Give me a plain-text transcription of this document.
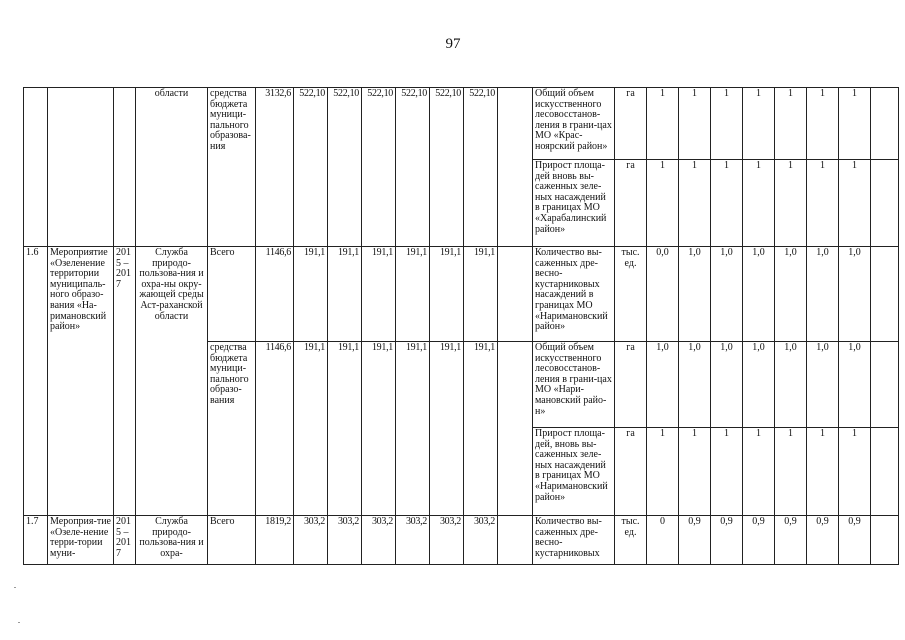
97
			области	средства бюджета муници-пального образова-ния	3132,6	522,10	522,10	522,10	522,10	522,10	522,10		Общий объем искусственного лесовосстанов-ления в грани-цах МО «Крас-ноярский район»	га	1	1	1	1	1	1	1	
													Прирост площа-дей вновь вы-саженных зеле-ных насаждений в границах МО «Харабалинский район»	га	1	1	1	1	1	1	1	
1.6	Мероприятие «Озеленение территории муниципаль-ного образо-вания «На-римановский район»	2015 – 2017	Служба природо-пользова-ния и охра-ны окру-жающей среды Аст-раханской области	Всего	1146,6	191,1	191,1	191,1	191,1	191,1	191,1		Количество вы-саженных дре-весно-кустарниковых насаждений в границах МО «Наримановский район»	тыс. ед.	0,0	1,0	1,0	1,0	1,0	1,0	1,0	
				средства бюджета муници-пального образо-вания	1146,6	191,1	191,1	191,1	191,1	191,1	191,1		Общий объем искусственного лесовосстанов-ления в грани-цах МО «Нари-мановский райо-н»	га	1,0	1,0	1,0	1,0	1,0	1,0	1,0	
													Прирост площа-дей, вновь вы-саженных зеле-ных насаждений в границах МО «Наримановский район»	га	1	1	1	1	1	1	1	
1.7	Мероприя-тие «Озеле-нение терри-тории муни-	2015 – 2017	Служба природо-пользова-ния и охра-	Всего	1819,2	303,2	303,2	303,2	303,2	303,2	303,2		Количество вы-саженных дре-весно-кустарниковых	тыс. ед.	0	0,9	0,9	0,9	0,9	0,9	0,9	
